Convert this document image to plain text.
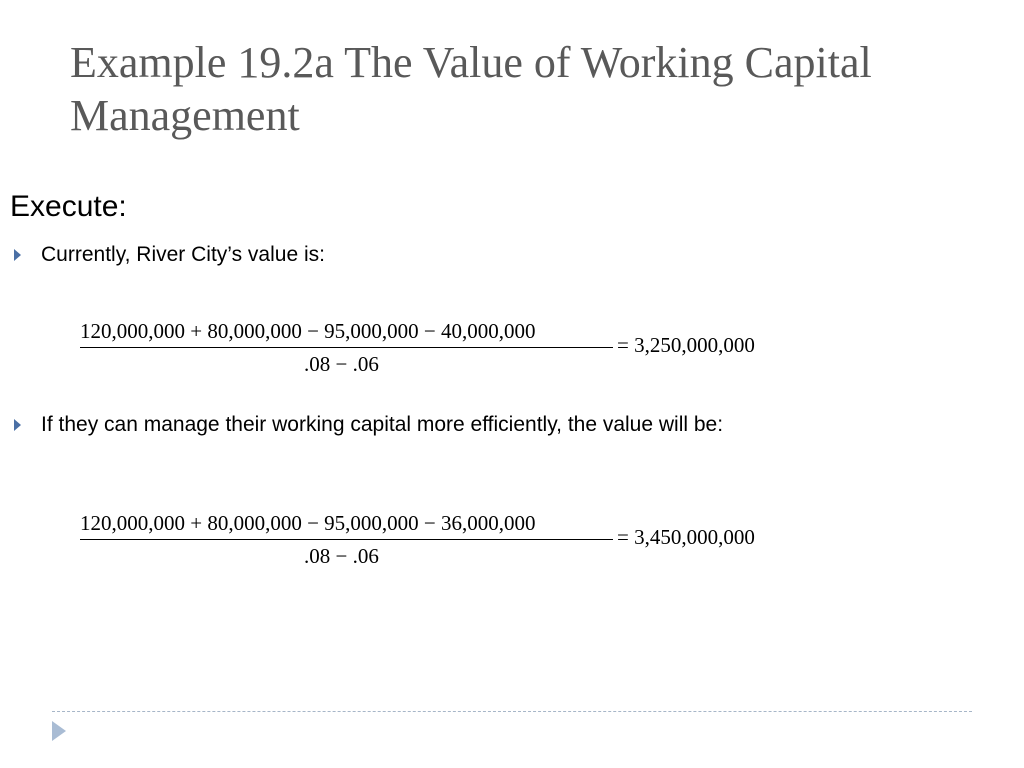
Example 19.2a The Value of Working Capital Management
Execute:
Currently, River City’s value is:
120,000,000 + 80,000,000 − 95,000,000 − 40,000,000
.08 − .06
= 3,250,000,000
If they can manage their working capital more efficiently, the value will be:
120,000,000 + 80,000,000 − 95,000,000 − 36,000,000
.08 − .06
= 3,450,000,000
